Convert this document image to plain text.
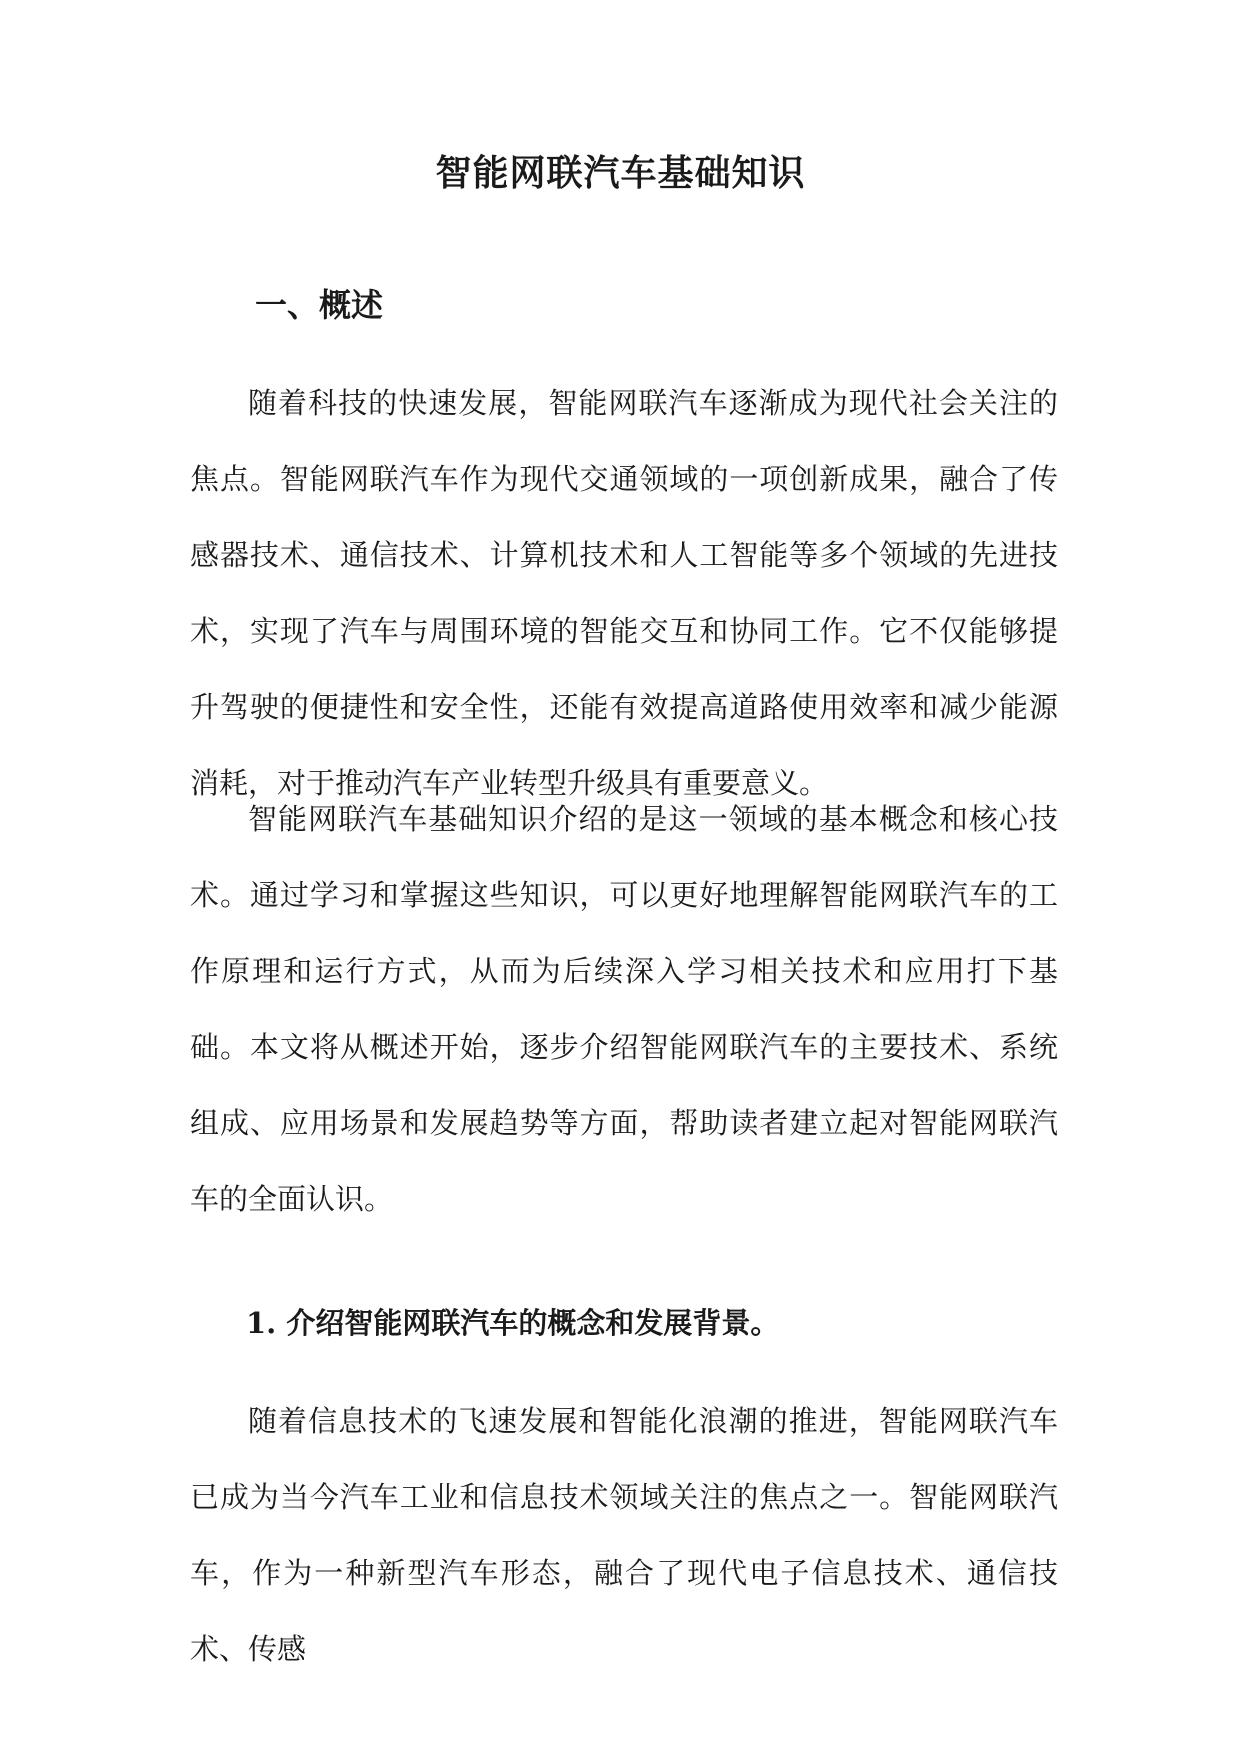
智能网联汽车基础知识
一、概述

随着科技的快速发展，智能网联汽车逐渐成为现代社会关注的焦点。智能网联汽车作为现代交通领域的一项创新成果，融合了传感器技术、通信技术、计算机技术和人工智能等多个领域的先进技术，实现了汽车与周围环境的智能交互和协同工作。它不仅能够提升驾驶的便捷性和安全性，还能有效提高道路使用效率和减少能源消耗，对于推动汽车产业转型升级具有重要意义。

智能网联汽车基础知识介绍的是这一领域的基本概念和核心技术。通过学习和掌握这些知识，可以更好地理解智能网联汽车的工作原理和运行方式，从而为后续深入学习相关技术和应用打下基础。本文将从概述开始，逐步介绍智能网联汽车的主要技术、系统组成、应用场景和发展趋势等方面，帮助读者建立起对智能网联汽车的全面认识。

1. 介绍智能网联汽车的概念和发展背景。

随着信息技术的飞速发展和智能化浪潮的推进，智能网联汽车已成为当今汽车工业和信息技术领域关注的焦点之一。智能网联汽车，作为一种新型汽车形态，融合了现代电子信息技术、通信技术、传感
